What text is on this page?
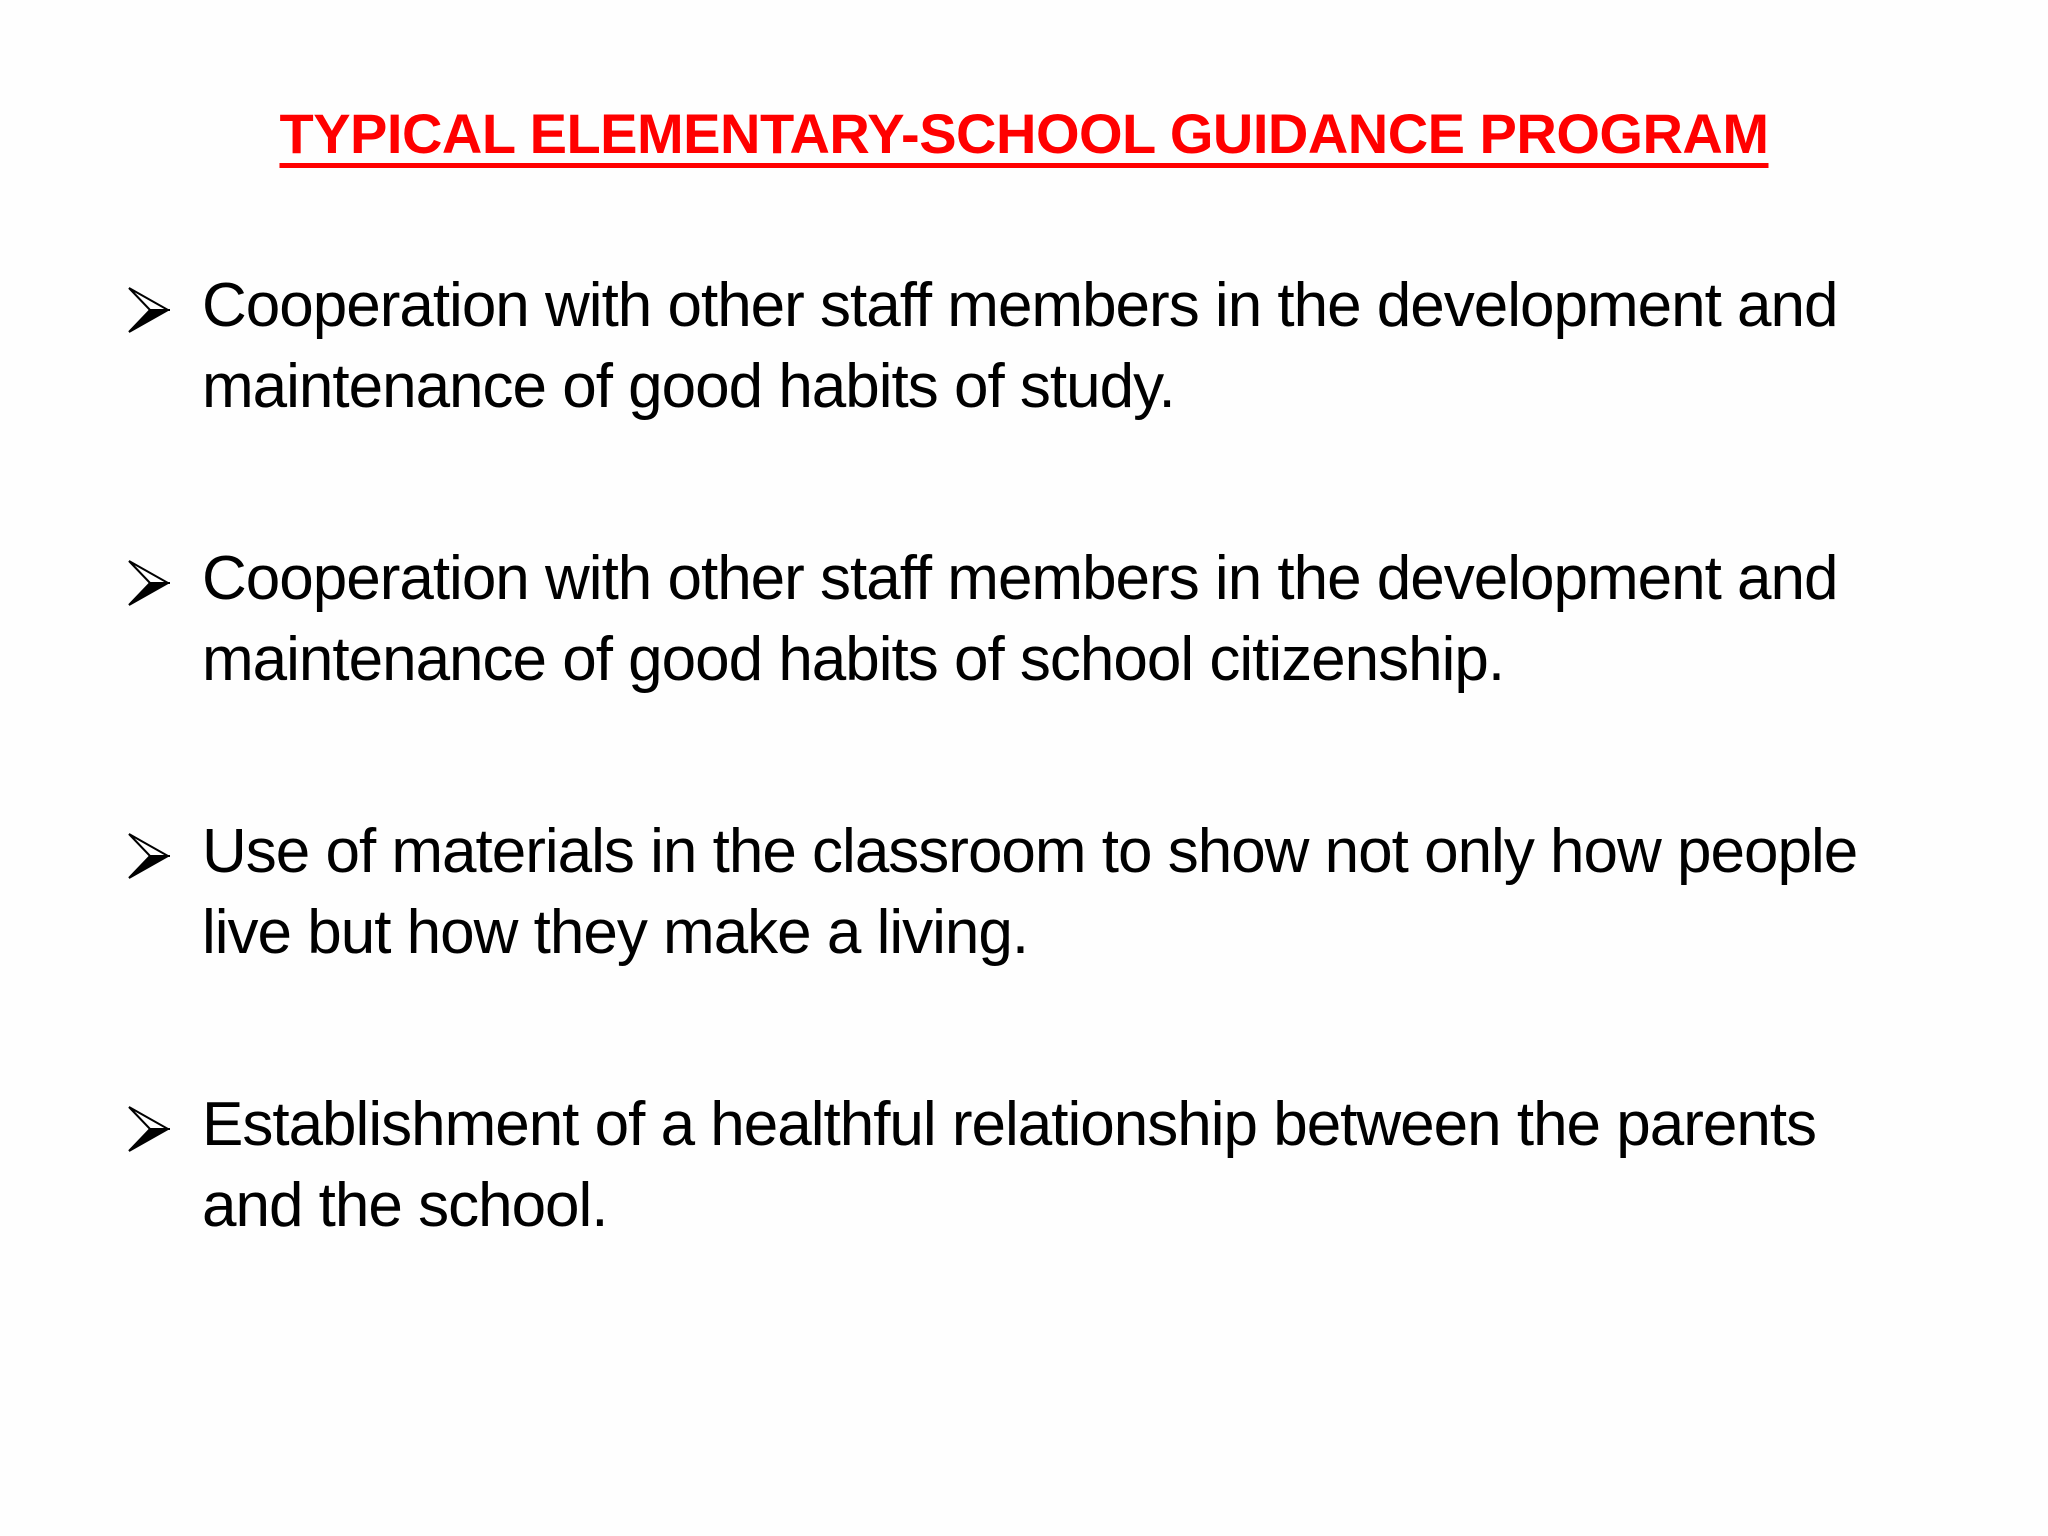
TYPICAL ELEMENTARY-SCHOOL GUIDANCE PROGRAM
Cooperation with other staff members in the development and
maintenance of good habits of study.
Cooperation with other staff members in the development and
maintenance of good habits of school citizenship.
Use of materials in the classroom to show not only how people
live but how they make a living.
Establishment of a healthful relationship between the parents
and the school.
